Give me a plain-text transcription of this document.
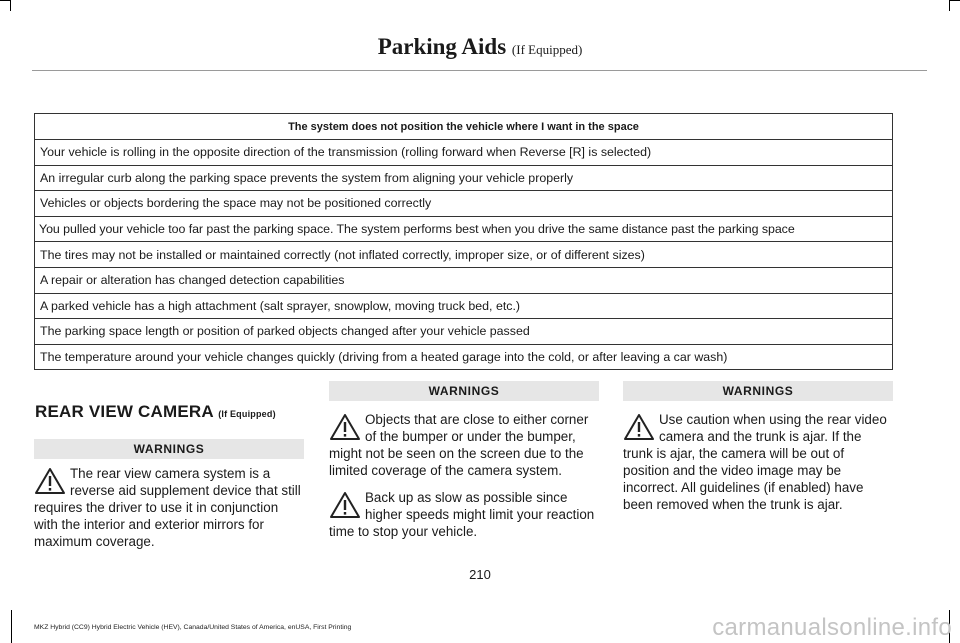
Parking Aids (If Equipped)
The system does not position the vehicle where I want in the space
Your vehicle is rolling in the opposite direction of the transmission (rolling forward when Reverse [R] is selected)
An irregular curb along the parking space prevents the system from aligning your vehicle properly
Vehicles or objects bordering the space may not be positioned correctly
You pulled your vehicle too far past the parking space. The system performs best when you drive the same distance past the parking space
The tires may not be installed or maintained correctly (not inflated correctly, improper size, or of different sizes)
A repair or alteration has changed detection capabilities
A parked vehicle has a high attachment (salt sprayer, snowplow, moving truck bed, etc.)
The parking space length or position of parked objects changed after your vehicle passed
The temperature around your vehicle changes quickly (driving from a heated garage into the cold, or after leaving a car wash)
REAR VIEW CAMERA (If Equipped)
WARNINGS

The rear view camera system is a reverse aid supplement device that still requires the driver to use it in conjunction with the interior and exterior mirrors for maximum coverage.

WARNINGS

Objects that are close to either corner of the bumper or under the bumper, might not be seen on the screen due to the limited coverage of the camera system.

Back up as slow as possible since higher speeds might limit your reaction time to stop your vehicle.

WARNINGS

Use caution when using the rear video camera and the trunk is ajar. If the trunk is ajar, the camera will be out of position and the video image may be incorrect. All guidelines (if enabled) have been removed when the trunk is ajar.

210
MKZ Hybrid (CC9) Hybrid Electric Vehicle (HEV), Canada/United States of America, enUSA, First Printing	carmanualsonline.info
